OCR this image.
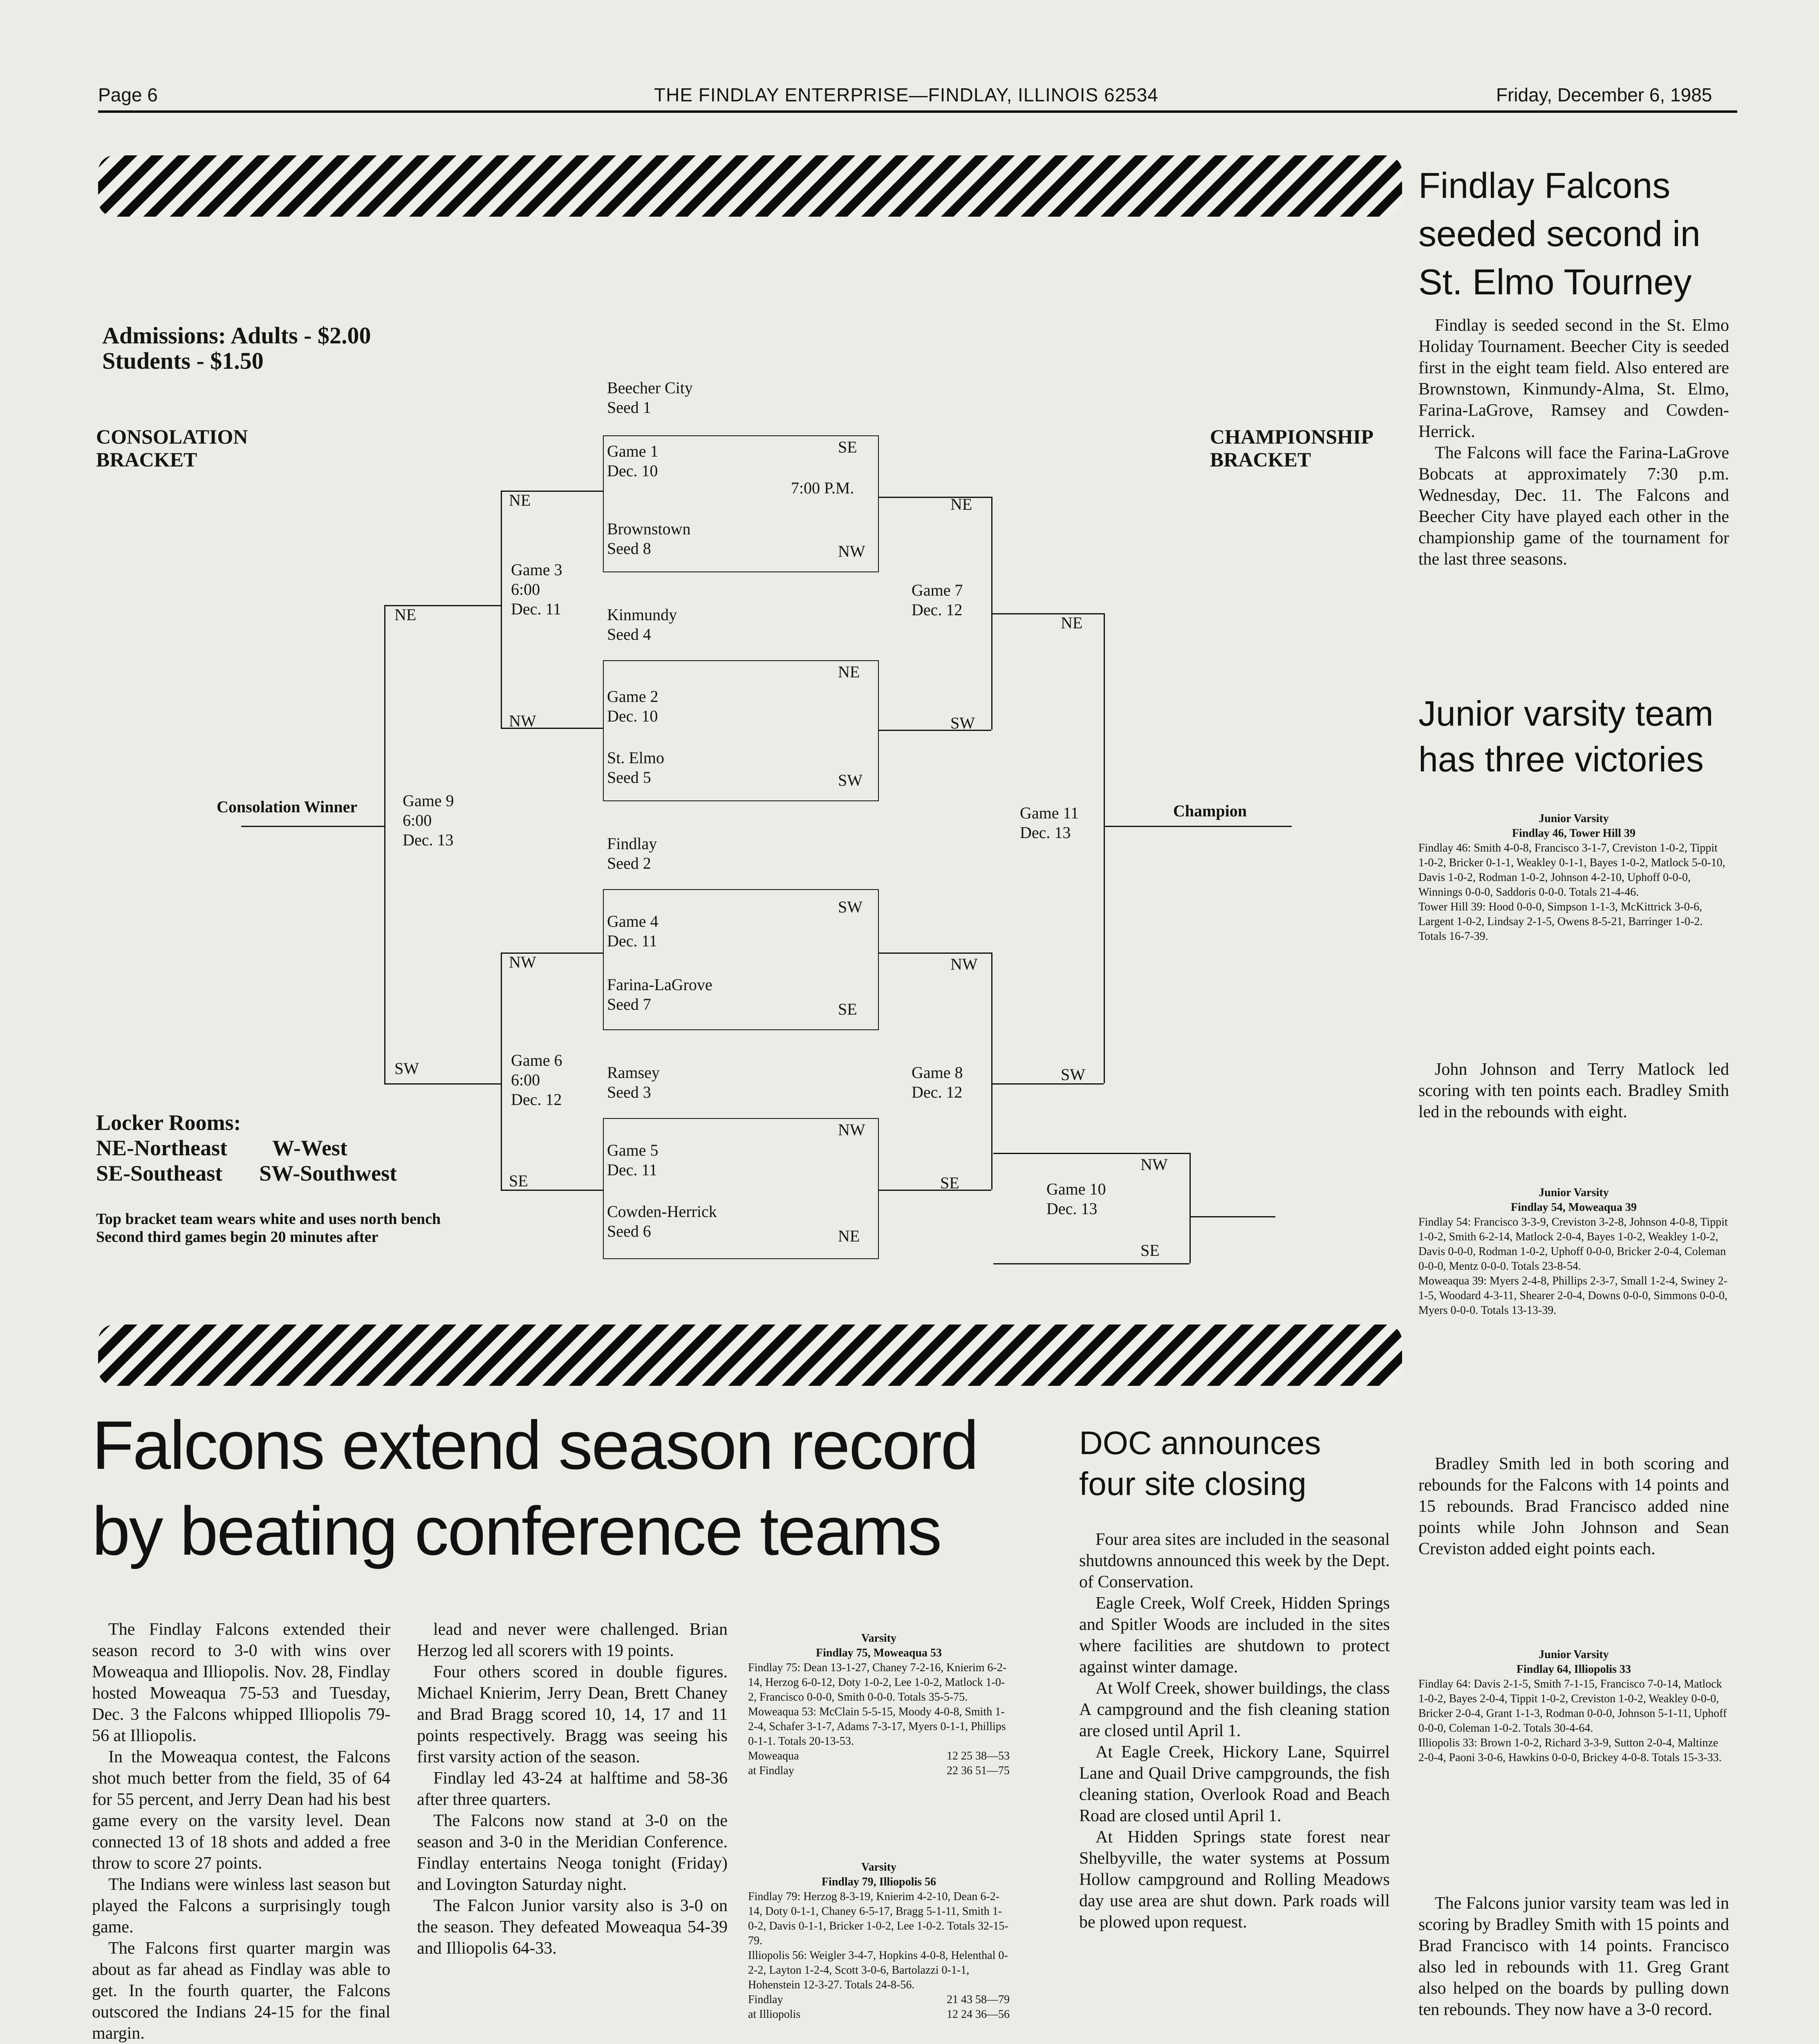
Page 6	THE FINDLAY ENTERPRISE—FINDLAY, ILLINOIS 62534	Friday, December 6, 1985
Findlay Falcons
seeded second in
St. Elmo Tourney

Findlay is seeded second in the St. Elmo Holiday Tournament. Beecher City is seeded first in the eight team field. Also entered are Brownstown, Kinmundy-Alma, St. Elmo, Farina-LaGrove, Ramsey and Cowden-Herrick.

The Falcons will face the Farina-LaGrove Bobcats at approximately 7:30 p.m. Wednesday, Dec. 11. The Falcons and Beecher City have played each other in the championship game of the tournament for the last three seasons.

Admissions: Adults - $2.00
Students - $1.50
CONSOLATION
BRACKET
CHAMPIONSHIP
BRACKET
Beecher City
Seed 1
Game 1
Dec. 10
Brownstown
Seed 8
7:00 P.M.
Kinmundy
Seed 4
Game 2
Dec. 10
St. Elmo
Seed 5
Findlay
Seed 2
Game 4
Dec. 11
Farina-LaGrove
Seed 7
Ramsey
Seed 3
Game 5
Dec. 11
Cowden-Herrick
Seed 6
Game 3
6:00
Dec. 11
Game 6
6:00
Dec. 12
Game 9
6:00
Dec. 13
Game 7
Dec. 12
Game 8
Dec. 12
Game 11
Dec. 13
Game 10
Dec. 13
Consolation Winner	Champion
SE
NW
NE
SW
SW
SE
NW
NE
NE
NW
NW
SE
NE
SW
NE
SW
NW
SE
NE
SW
NW
SE
Locker Rooms:
NE-Northeast W-West
SE-Southeast SW-Southwest
Top bracket team wears white and uses north bench
Second third games begin 20 minutes after
Falcons extend season record
by beating conference teams

The Findlay Falcons extended their season record to 3-0 with wins over Moweaqua and Illiopolis. Nov. 28, Findlay hosted Moweaqua 75-53 and Tuesday, Dec. 3 the Falcons whipped Illiopolis 79-56 at Illiopolis.

In the Moweaqua contest, the Falcons shot much better from the field, 35 of 64 for 55 percent, and Jerry Dean had his best game every on the varsity level. Dean connected 13 of 18 shots and added a free throw to score 27 points.

The Indians were winless last season but played the Falcons a surprisingly tough game.

The Falcons first quarter margin was about as far ahead as Findlay was able to get. In the fourth quarter, the Falcons outscored the Indians 24-15 for the final margin.

lead and never were challenged. Brian Herzog led all scorers with 19 points.

Four others scored in double figures. Michael Knierim, Jerry Dean, Brett Chaney and Brad Bragg scored 10, 14, 17 and 11 points respectively. Bragg was seeing his first varsity action of the season.

Findlay led 43-24 at halftime and 58-36 after three quarters.

The Falcons now stand at 3-0 on the season and 3-0 in the Meridian Conference. Findlay entertains Neoga tonight (Friday) and Lovington Saturday night.

The Falcon Junior varsity also is 3-0 on the season. They defeated Moweaqua 54-39 and Illiopolis 64-33.

Varsity
Findlay 75, Moweaqua 53
Findlay 75: Dean 13-1-27, Chaney 7-2-16, Knierim 6-2-14, Herzog 6-0-12, Doty 1-0-2, Lee 1-0-2, Matlock 1-0-2, Francisco 0-0-0, Smith 0-0-0. Totals 35-5-75.
Moweaqua 53: McClain 5-5-15, Moody 4-0-8, Smith 1-2-4, Schafer 3-1-7, Adams 7-3-17, Myers 0-1-1, Phillips 0-1-1. Totals 20-13-53.
Moweaqua	12 25 38—53
at Findlay	22 36 51—75
Varsity
Findlay 79, Illiopolis 56
Findlay 79: Herzog 8-3-19, Knierim 4-2-10, Dean 6-2-14, Doty 0-1-1, Chaney 6-5-17, Bragg 5-1-11, Smith 1-0-2, Davis 0-1-1, Bricker 1-0-2, Lee 1-0-2. Totals 32-15-79.
Illiopolis 56: Weigler 3-4-7, Hopkins 4-0-8, Helenthal 0-2-2, Layton 1-2-4, Scott 3-0-6, Bartolazzi 0-1-1, Hohenstein 12-3-27. Totals 24-8-56.
Findlay	21 43 58—79
at Illiopolis	12 24 36—56

DOC announces
four site closing

Four area sites are included in the seasonal shutdowns announced this week by the Dept. of Conservation.

Eagle Creek, Wolf Creek, Hidden Springs and Spitler Woods are included in the sites where facilities are shutdown to protect against winter damage.

At Wolf Creek, shower buildings, the class A campground and the fish cleaning station are closed until April 1.

At Eagle Creek, Hickory Lane, Squirrel Lane and Quail Drive campgrounds, the fish cleaning station, Overlook Road and Beach Road are closed until April 1.

At Hidden Springs state forest near Shelbyville, the water systems at Possum Hollow campground and Rolling Meadows day use area are shut down. Park roads will be plowed upon request.

Junior varsity team
has three victories
Junior Varsity
Findlay 46, Tower Hill 39
Findlay 46: Smith 4-0-8, Francisco 3-1-7, Creviston 1-0-2, Tippit 1-0-2, Bricker 0-1-1, Weakley 0-1-1, Bayes 1-0-2, Matlock 5-0-10, Davis 1-0-2, Rodman 1-0-2, Johnson 4-2-10, Uphoff 0-0-0, Winnings 0-0-0, Saddoris 0-0-0. Totals 21-4-46.
Tower Hill 39: Hood 0-0-0, Simpson 1-1-3, McKittrick 3-0-6, Largent 1-0-2, Lindsay 2-1-5, Owens 8-5-21, Barringer 1-0-2. Totals 16-7-39.

John Johnson and Terry Matlock led scoring with ten points each. Bradley Smith led in the rebounds with eight.

Junior Varsity
Findlay 54, Moweaqua 39
Findlay 54: Francisco 3-3-9, Creviston 3-2-8, Johnson 4-0-8, Tippit 1-0-2, Smith 6-2-14, Matlock 2-0-4, Bayes 1-0-2, Weakley 1-0-2, Davis 0-0-0, Rodman 1-0-2, Uphoff 0-0-0, Bricker 2-0-4, Coleman 0-0-0, Mentz 0-0-0. Totals 23-8-54.
Moweaqua 39: Myers 2-4-8, Phillips 2-3-7, Small 1-2-4, Swiney 2-1-5, Woodard 4-3-11, Shearer 2-0-4, Downs 0-0-0, Simmons 0-0-0, Myers 0-0-0. Totals 13-13-39.

Bradley Smith led in both scoring and rebounds for the Falcons with 14 points and 15 rebounds. Brad Francisco added nine points while John Johnson and Sean Creviston added eight points each.

Junior Varsity
Findlay 64, Illiopolis 33
Findlay 64: Davis 2-1-5, Smith 7-1-15, Francisco 7-0-14, Matlock 1-0-2, Bayes 2-0-4, Tippit 1-0-2, Creviston 1-0-2, Weakley 0-0-0, Bricker 2-0-4, Grant 1-1-3, Rodman 0-0-0, Johnson 5-1-11, Uphoff 0-0-0, Coleman 1-0-2. Totals 30-4-64.
Illiopolis 33: Brown 1-0-2, Richard 3-3-9, Sutton 2-0-4, Maltinze 2-0-4, Paoni 3-0-6, Hawkins 0-0-0, Brickey 4-0-8. Totals 15-3-33.

The Falcons junior varsity team was led in scoring by Bradley Smith with 15 points and Brad Francisco with 14 points. Francisco also led in rebounds with 11. Greg Grant also helped on the boards by pulling down ten rebounds. They now have a 3-0 record.
